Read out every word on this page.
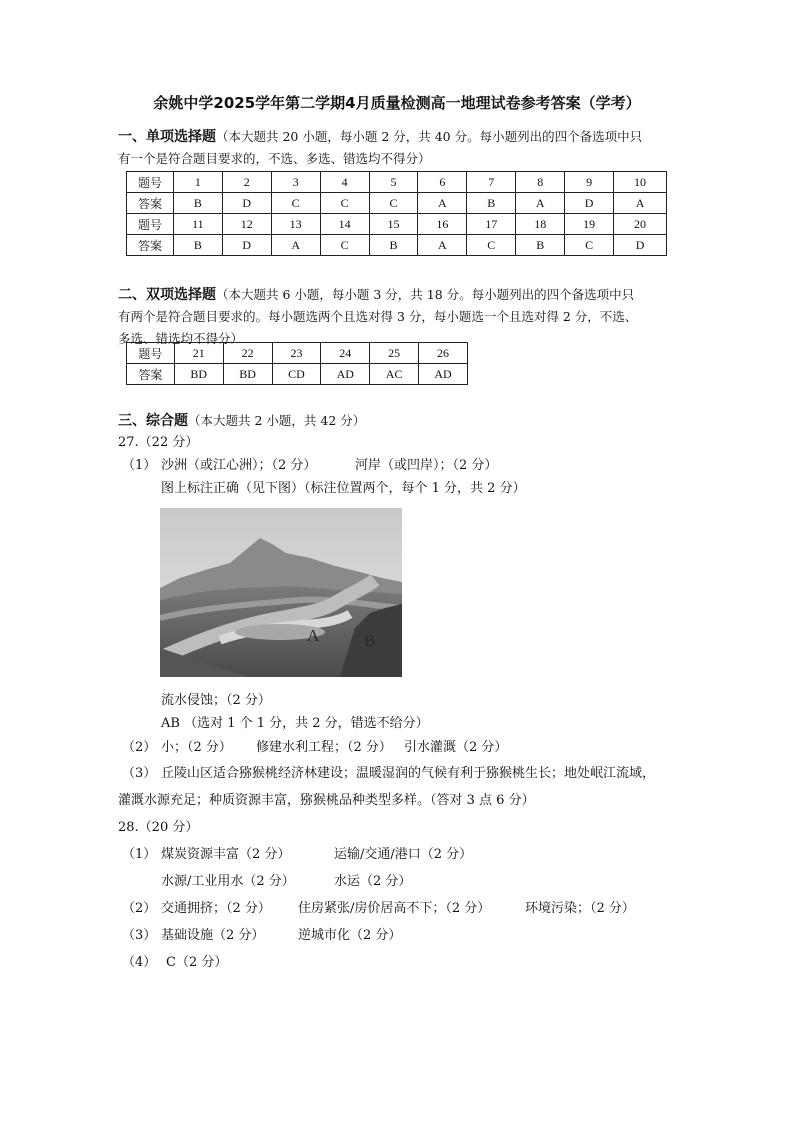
余姚中学2025学年第二学期4月质量检测高一地理试卷参考答案（学考）
一、单项选择题（本大题共 20 小题，每小题 2 分，共 40 分。每小题列出的四个备选项中只
有一个是符合题目要求的，不选、多选、错选均不得分）
题号	1	2	3	4	5	6	7	8	9	10
答案	B	D	C	C	C	A	B	A	D	A
题号	11	12	13	14	15	16	17	18	19	20
答案	B	D	A	C	B	A	C	B	C	D
二、双项选择题（本大题共 6 小题，每小题 3 分，共 18 分。每小题列出的四个备选项中只
有两个是符合题目要求的。每小题选两个且选对得 3 分，每小题选一个且选对得 2 分，不选、
多选、错选均不得分）
题号	21	22	23	24	25	26
答案	BD	BD	CD	AD	AC	AD
三、综合题（本大题共 2 小题，共 42 分）
27.（22 分）
（1） 沙洲（或江心洲）；（2 分）	河岸（或凹岸）；（2 分）
图上标注正确（见下图）（标注位置两个，每个 1 分，共 2 分）
A	B
流水侵蚀；（2 分）
AB （选对 1 个 1 分，共 2 分，错选不给分）
（2） 小；（2 分） 修建水利工程；（2 分） 引水灌溉（2 分）
（3） 丘陵山区适合猕猴桃经济林建设；温暖湿润的气候有利于猕猴桃生长；地处岷江流域，
灌溉水源充足；种质资源丰富，猕猴桃品种类型多样。（答对 3 点 6 分）
28.（20 分）
（1） 煤炭资源丰富（2 分）	运输/交通/港口（2 分）
水源/工业用水（2 分）	水运（2 分）
（2） 交通拥挤；（2 分） 住房紧张/房价居高不下；（2 分）	环境污染；（2 分）
（3） 基础设施（2 分）	逆城市化（2 分）
（4） C（2 分）
